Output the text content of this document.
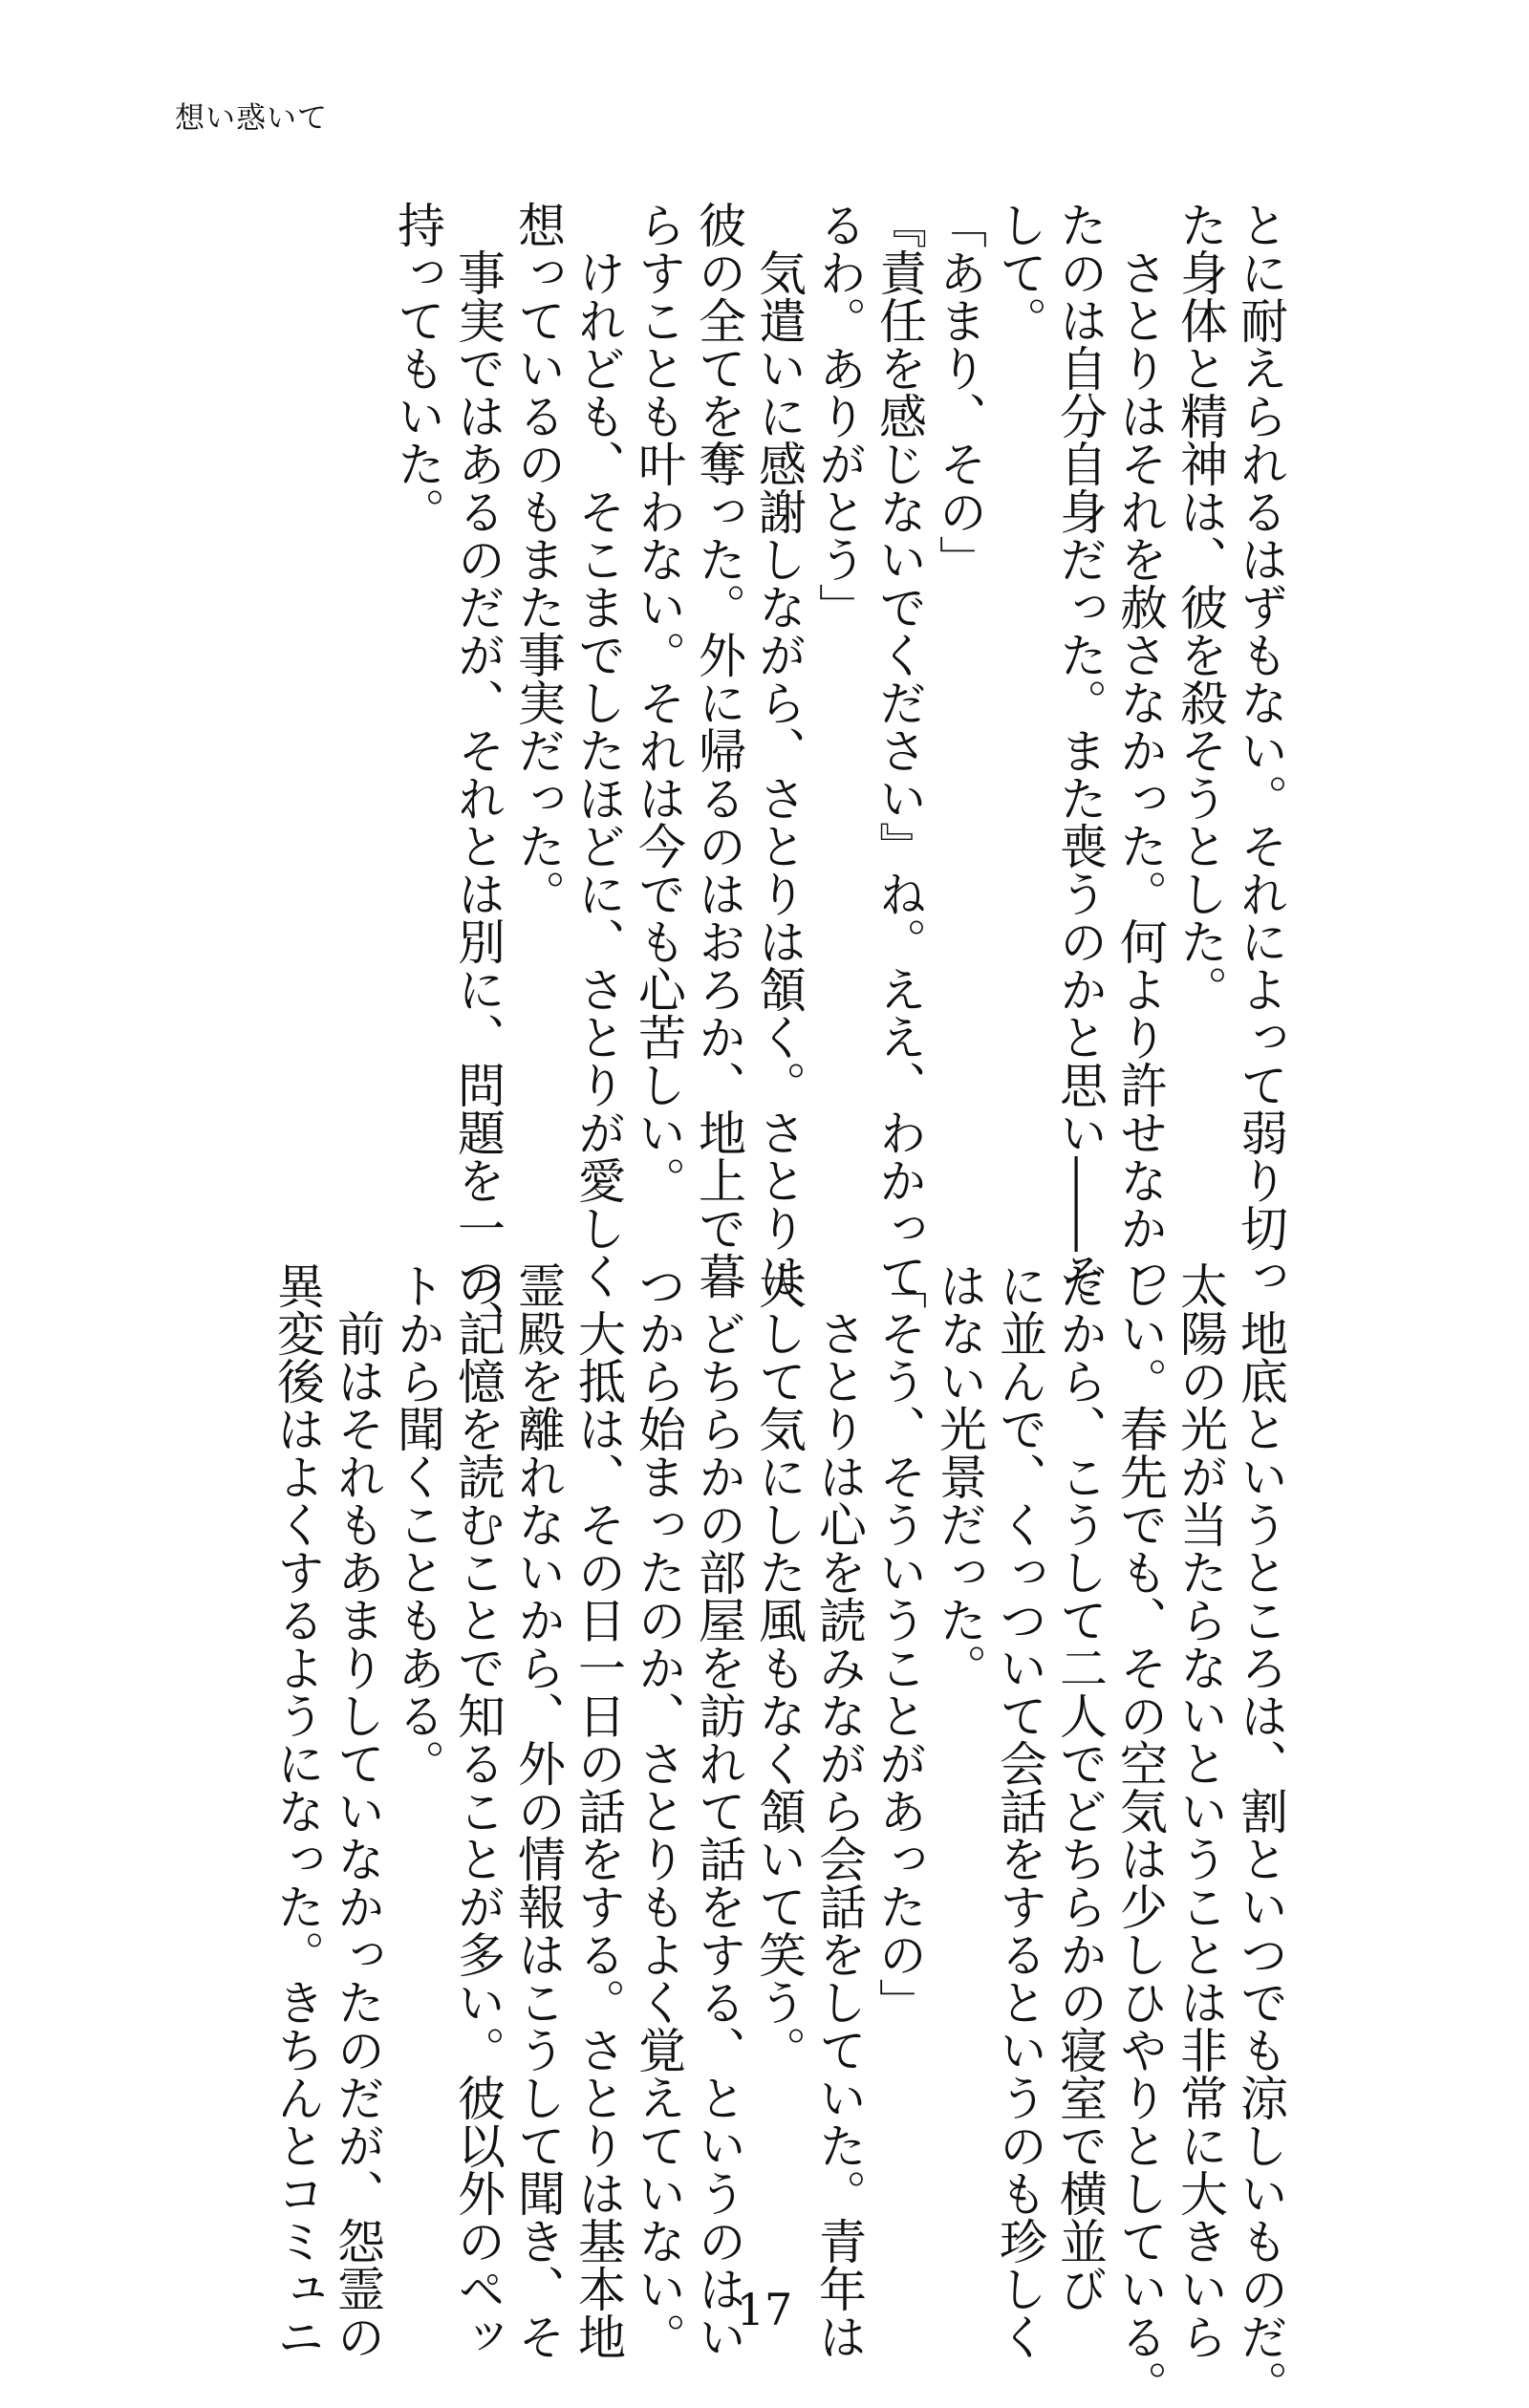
想い惑いて
とに耐えられるはずもない。それによって弱り切っ
た身体と精神は、彼を殺そうとした。
　さとりはそれを赦さなかった。何より許せなかっ
たのは自分自身だった。また喪うのかと思い――そ
して。
「あまり、その」
『責任を感じないでください』ね。ええ、わかって
るわ。ありがとう」
　気遣いに感謝しながら、さとりは頷く。さとりは
彼の全てを奪った。外に帰るのはおろか、地上で暮
らすことも叶わない。それは今でも心苦しい。
　けれども、そこまでしたほどに、さとりが愛しく
想っているのもまた事実だった。
　事実ではあるのだが、それとは別に、問題を一つ、
持ってもいた。
　地底というところは、割といつでも涼しいものだ。
太陽の光が当たらないということは非常に大きいら
しい。春先でも、その空気は少しひやりとしている。
だから、こうして二人でどちらかの寝室で横並び
に並んで、くっついて会話をするというのも珍しく
はない光景だった。
「そう、そういうことがあったの」
　さとりは心を読みながら会話をしていた。青年は
大して気にした風もなく頷いて笑う。
　どちらかの部屋を訪れて話をする、というのはい
つから始まったのか、さとりもよく覚えていない。
　大抵は、その日一日の話をする。さとりは基本地
霊殿を離れないから、外の情報はこうして聞き、そ
の記憶を読むことで知ることが多い。彼以外のペッ
トから聞くこともある。
　前はそれもあまりしていなかったのだが、怨霊の
異変後はよくするようになった。きちんとコミュニ	17
